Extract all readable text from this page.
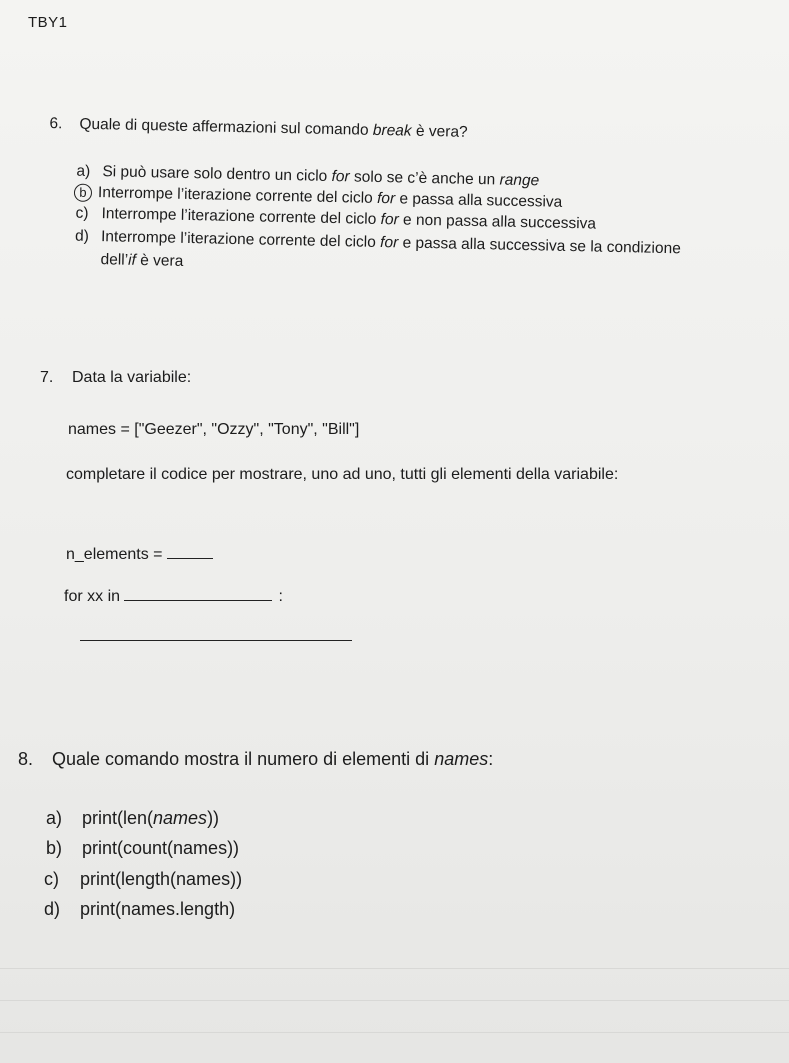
TBY1
6. Quale di queste affermazioni sul comando break è vera?
a) Si può usare solo dentro un ciclo for solo se c’è anche un range
b Interrompe l’iterazione corrente del ciclo for e passa alla successiva
c) Interrompe l’iterazione corrente del ciclo for e non passa alla successiva
d) Interrompe l’iterazione corrente del ciclo for e passa alla successiva se la condizione
dell’if è vera
7. Data la variabile:
names = ["Geezer", "Ozzy", "Tony", "Bill"]
completare il codice per mostrare, uno ad uno, tutti gli elementi della variabile:
n_elements =
for xx in	:
8. Quale comando mostra il numero di elementi di names:
a) print(len(names))
b) print(count(names))
c) print(length(names))
d) print(names.length)
